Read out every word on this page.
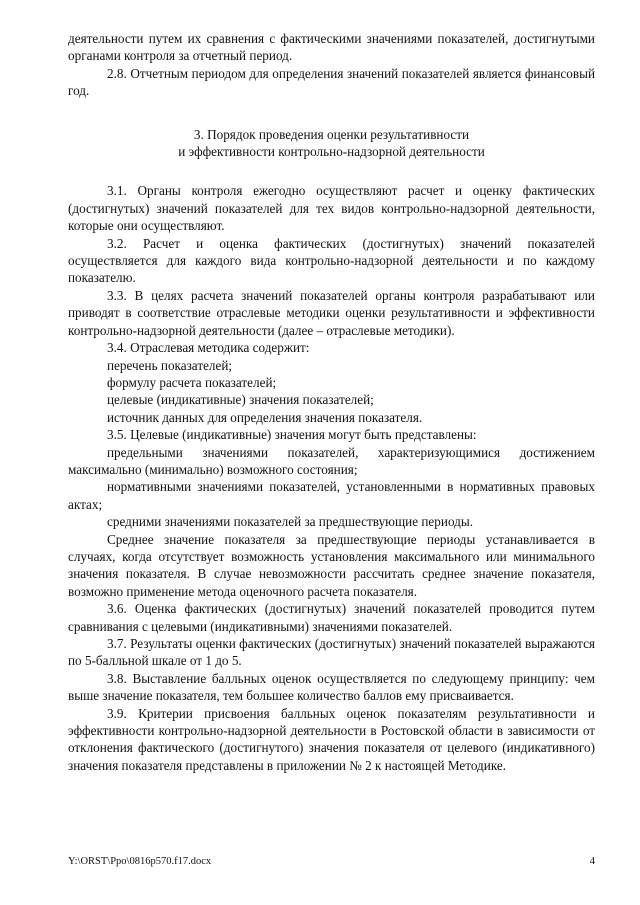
деятельности путем их сравнения с фактическими значениями показателей, достигнутыми органами контроля за отчетный период.

2.8. Отчетным периодом для определения значений показателей является финансовый год.

3. Порядок проведения оценки результативности
и эффективности контрольно-надзорной деятельности

3.1. Органы контроля ежегодно осуществляют расчет и оценку фактических (достигнутых) значений показателей для тех видов контрольно-надзорной деятельности, которые они осуществляют.

3.2. Расчет и оценка фактических (достигнутых) значений показателей осуществляется для каждого вида контрольно-надзорной деятельности и по каждому показателю.

3.3. В целях расчета значений показателей органы контроля разрабатывают или приводят в соответствие отраслевые методики оценки результативности и эффективности контрольно-надзорной деятельности (далее – отраслевые методики).

3.4. Отраслевая методика содержит:

перечень показателей;

формулу расчета показателей;

целевые (индикативные) значения показателей;

источник данных для определения значения показателя.

3.5. Целевые (индикативные) значения могут быть представлены:

предельными значениями показателей, характеризующимися достижением максимально (минимально) возможного состояния;

нормативными значениями показателей, установленными в нормативных правовых актах;

средними значениями показателей за предшествующие периоды.

Среднее значение показателя за предшествующие периоды устанавливается в случаях, когда отсутствует возможность установления максимального или минимального значения показателя. В случае невозможности рассчитать среднее значение показателя, возможно применение метода оценочного расчета показателя.

3.6. Оценка фактических (достигнутых) значений показателей проводится путем сравнивания с целевыми (индикативными) значениями показателей.

3.7. Результаты оценки фактических (достигнутых) значений показателей выражаются по 5-балльной шкале от 1 до 5.

3.8. Выставление балльных оценок осуществляется по следующему принципу: чем выше значение показателя, тем большее количество баллов ему присваивается.

3.9. Критерии присвоения балльных оценок показателям результативности и эффективности контрольно-надзорной деятельности в Ростовской области в зависимости от отклонения фактического (достигнутого) значения показателя от целевого (индикативного) значения показателя представлены в приложении № 2 к настоящей Методике.

Y:\ORST\Ppo\0816p570.f17.docx	4
